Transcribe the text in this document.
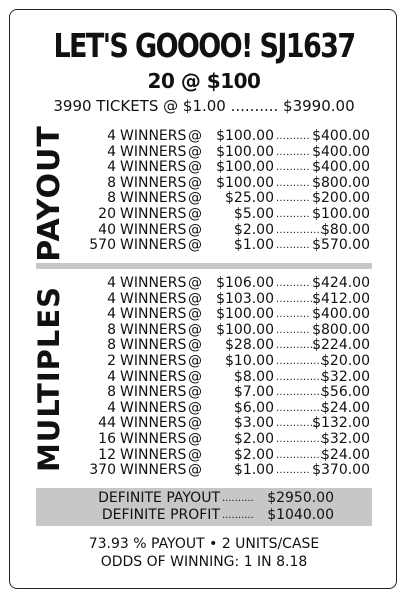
LET'S GOOOO! SJ1637
20 @ $100
3990 TICKETS @ $1.00 .......... $3990.00
PAYOUT	4 WINNERS @ $100.00 .......... $400.00
4 WINNERS @ $100.00 .......... $400.00
4 WINNERS @ $100.00 .......... $400.00
8 WINNERS @ $100.00 .......... $800.00
8 WINNERS @ $25.00 .......... $200.00
20 WINNERS @ $5.00 .......... $100.00
40 WINNERS @ $2.00 ..............
$80.00
570 WINNERS @ $1.00 .......... $570.00
MULTIPLES
4 WINNERS @ $106.00 .......... $424.00
4 WINNERS @ $103.00 ............
$412.00
4 WINNERS @ $100.00 .......... $400.00
8 WINNERS @ $100.00 .......... $800.00
8 WINNERS @ $28.00 ............
$224.00
2 WINNERS @ $10.00 ..............
$20.00
4 WINNERS @ $8.00 ..............
$32.00
8 WINNERS @ $7.00 ..............
$56.00
4 WINNERS @ $6.00 ..............
$24.00
44 WINNERS @ $3.00 ............
$132.00
16 WINNERS @ $2.00 ..............
$32.00
12 WINNERS @ $2.00 ..............
$24.00
370 WINNERS @ $1.00 .......... $370.00
DEFINITE PAYOUT .......... $2950.00
DEFINITE PROFIT .......... $1040.00
73.93 % PAYOUT • 2 UNITS/CASE
ODDS OF WINNING: 1 IN 8.18
